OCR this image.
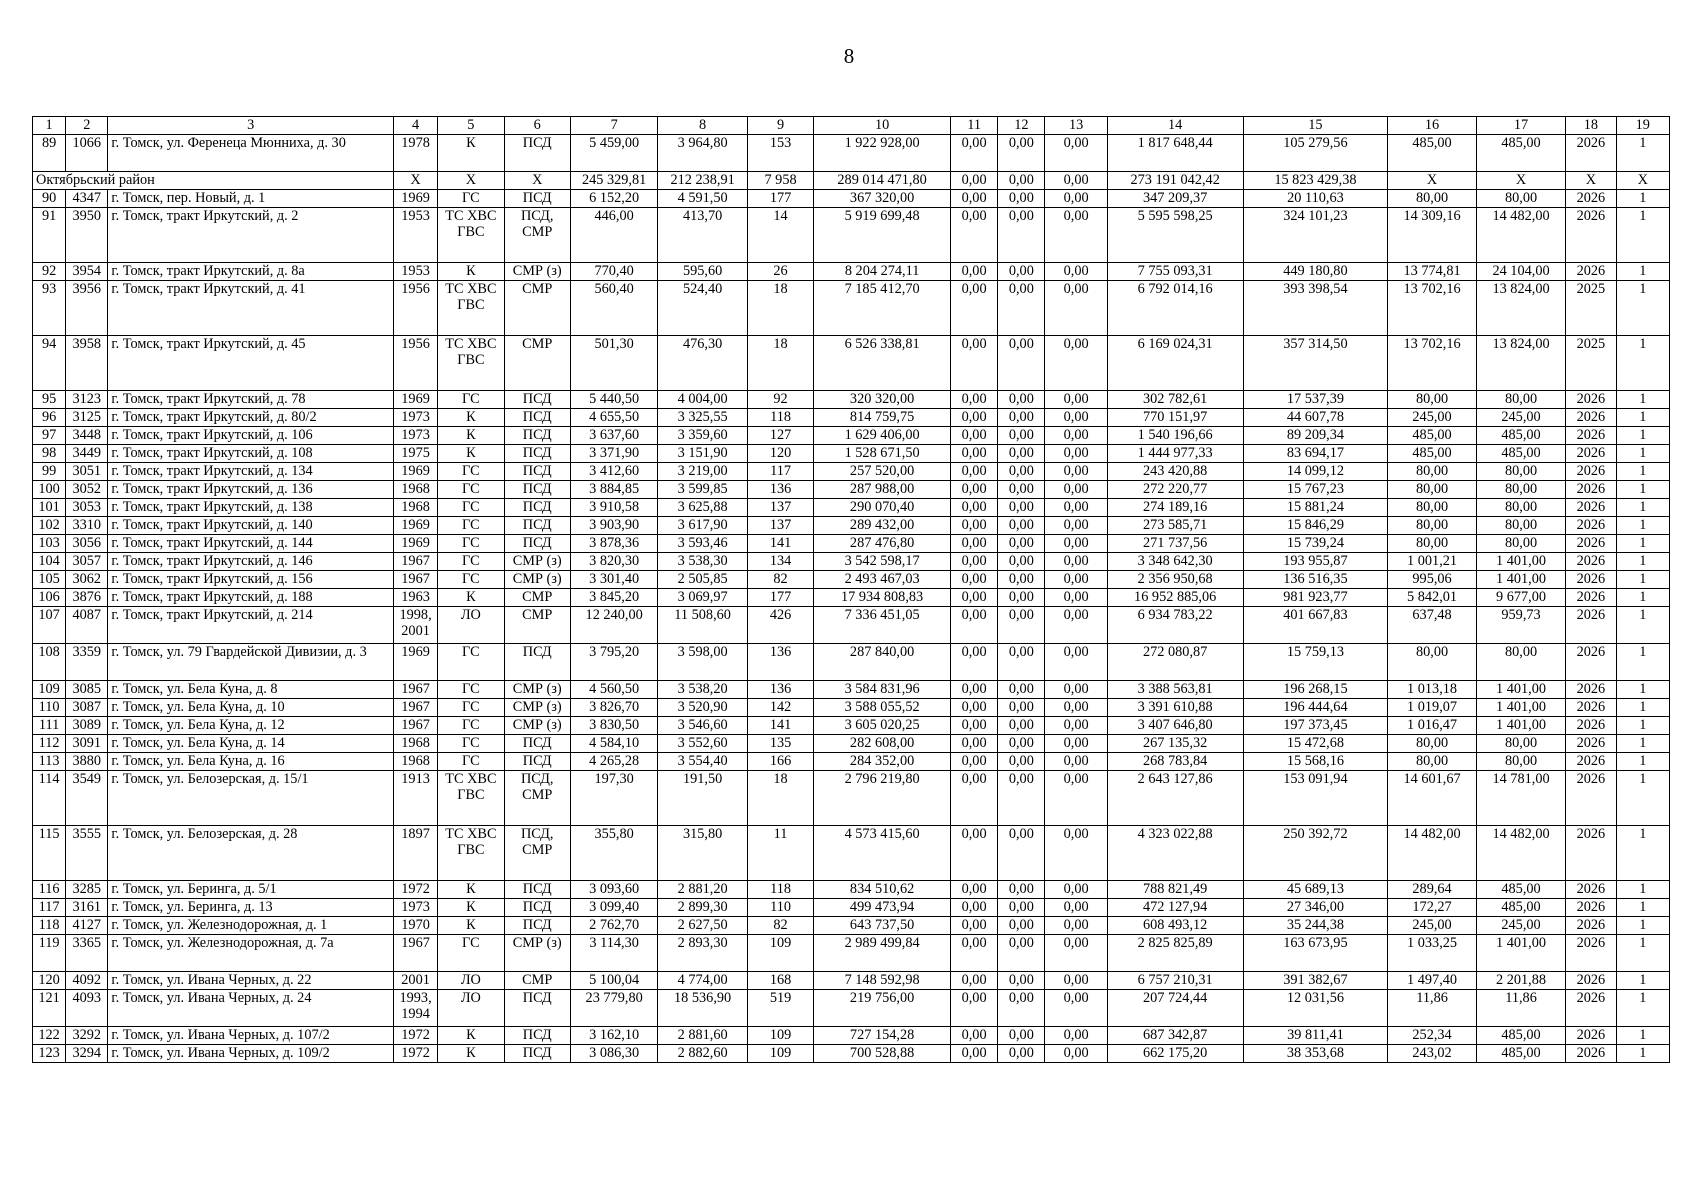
8
1	2	3	4	5	6	7	8	9	10	11	12	13	14	15	16	17	18	19
89	1066	г. Томск, ул. Ференеца Мюнниха, д. 30	1978	К	ПСД	5 459,00	3 964,80	153	1 922 928,00	0,00	0,00	0,00	1 817 648,44	105 279,56	485,00	485,00	2026	1
Октябрьский район			X	X	X	245 329,81	212 238,91	7 958	289 014 471,80	0,00	0,00	0,00	273 191 042,42	15 823 429,38	X	X	X	X
90	4347	г. Томск, пер. Новый, д. 1	1969	ГС	ПСД	6 152,20	4 591,50	177	367 320,00	0,00	0,00	0,00	347 209,37	20 110,63	80,00	80,00	2026	1
91	3950	г. Томск, тракт Иркутский, д. 2	1953	ТС ХВС ГВС	ПСД, СМР	446,00	413,70	14	5 919 699,48	0,00	0,00	0,00	5 595 598,25	324 101,23	14 309,16	14 482,00	2026	1
92	3954	г. Томск, тракт Иркутский, д. 8а	1953	К	СМР (з)	770,40	595,60	26	8 204 274,11	0,00	0,00	0,00	7 755 093,31	449 180,80	13 774,81	24 104,00	2026	1
93	3956	г. Томск, тракт Иркутский, д. 41	1956	ТС ХВС ГВС	СМР	560,40	524,40	18	7 185 412,70	0,00	0,00	0,00	6 792 014,16	393 398,54	13 702,16	13 824,00	2025	1
94	3958	г. Томск, тракт Иркутский, д. 45	1956	ТС ХВС ГВС	СМР	501,30	476,30	18	6 526 338,81	0,00	0,00	0,00	6 169 024,31	357 314,50	13 702,16	13 824,00	2025	1
95	3123	г. Томск, тракт Иркутский, д. 78	1969	ГС	ПСД	5 440,50	4 004,00	92	320 320,00	0,00	0,00	0,00	302 782,61	17 537,39	80,00	80,00	2026	1
96	3125	г. Томск, тракт Иркутский, д. 80/2	1973	К	ПСД	4 655,50	3 325,55	118	814 759,75	0,00	0,00	0,00	770 151,97	44 607,78	245,00	245,00	2026	1
97	3448	г. Томск, тракт Иркутский, д. 106	1973	К	ПСД	3 637,60	3 359,60	127	1 629 406,00	0,00	0,00	0,00	1 540 196,66	89 209,34	485,00	485,00	2026	1
98	3449	г. Томск, тракт Иркутский, д. 108	1975	К	ПСД	3 371,90	3 151,90	120	1 528 671,50	0,00	0,00	0,00	1 444 977,33	83 694,17	485,00	485,00	2026	1
99	3051	г. Томск, тракт Иркутский, д. 134	1969	ГС	ПСД	3 412,60	3 219,00	117	257 520,00	0,00	0,00	0,00	243 420,88	14 099,12	80,00	80,00	2026	1
100	3052	г. Томск, тракт Иркутский, д. 136	1968	ГС	ПСД	3 884,85	3 599,85	136	287 988,00	0,00	0,00	0,00	272 220,77	15 767,23	80,00	80,00	2026	1
101	3053	г. Томск, тракт Иркутский, д. 138	1968	ГС	ПСД	3 910,58	3 625,88	137	290 070,40	0,00	0,00	0,00	274 189,16	15 881,24	80,00	80,00	2026	1
102	3310	г. Томск, тракт Иркутский, д. 140	1969	ГС	ПСД	3 903,90	3 617,90	137	289 432,00	0,00	0,00	0,00	273 585,71	15 846,29	80,00	80,00	2026	1
103	3056	г. Томск, тракт Иркутский, д. 144	1969	ГС	ПСД	3 878,36	3 593,46	141	287 476,80	0,00	0,00	0,00	271 737,56	15 739,24	80,00	80,00	2026	1
104	3057	г. Томск, тракт Иркутский, д. 146	1967	ГС	СМР (з)	3 820,30	3 538,30	134	3 542 598,17	0,00	0,00	0,00	3 348 642,30	193 955,87	1 001,21	1 401,00	2026	1
105	3062	г. Томск, тракт Иркутский, д. 156	1967	ГС	СМР (з)	3 301,40	2 505,85	82	2 493 467,03	0,00	0,00	0,00	2 356 950,68	136 516,35	995,06	1 401,00	2026	1
106	3876	г. Томск, тракт Иркутский, д. 188	1963	К	СМР	3 845,20	3 069,97	177	17 934 808,83	0,00	0,00	0,00	16 952 885,06	981 923,77	5 842,01	9 677,00	2026	1
107	4087	г. Томск, тракт Иркутский, д. 214	1998, 2001	ЛО	СМР	12 240,00	11 508,60	426	7 336 451,05	0,00	0,00	0,00	6 934 783,22	401 667,83	637,48	959,73	2026	1
108	3359	г. Томск, ул. 79 Гвардейской Дивизии, д. 3	1969	ГС	ПСД	3 795,20	3 598,00	136	287 840,00	0,00	0,00	0,00	272 080,87	15 759,13	80,00	80,00	2026	1
109	3085	г. Томск, ул. Бела Куна, д. 8	1967	ГС	СМР (з)	4 560,50	3 538,20	136	3 584 831,96	0,00	0,00	0,00	3 388 563,81	196 268,15	1 013,18	1 401,00	2026	1
110	3087	г. Томск, ул. Бела Куна, д. 10	1967	ГС	СМР (з)	3 826,70	3 520,90	142	3 588 055,52	0,00	0,00	0,00	3 391 610,88	196 444,64	1 019,07	1 401,00	2026	1
111	3089	г. Томск, ул. Бела Куна, д. 12	1967	ГС	СМР (з)	3 830,50	3 546,60	141	3 605 020,25	0,00	0,00	0,00	3 407 646,80	197 373,45	1 016,47	1 401,00	2026	1
112	3091	г. Томск, ул. Бела Куна, д. 14	1968	ГС	ПСД	4 584,10	3 552,60	135	282 608,00	0,00	0,00	0,00	267 135,32	15 472,68	80,00	80,00	2026	1
113	3880	г. Томск, ул. Бела Куна, д. 16	1968	ГС	ПСД	4 265,28	3 554,40	166	284 352,00	0,00	0,00	0,00	268 783,84	15 568,16	80,00	80,00	2026	1
114	3549	г. Томск, ул. Белозерская, д. 15/1	1913	ТС ХВС ГВС	ПСД, СМР	197,30	191,50	18	2 796 219,80	0,00	0,00	0,00	2 643 127,86	153 091,94	14 601,67	14 781,00	2026	1
115	3555	г. Томск, ул. Белозерская, д. 28	1897	ТС ХВС ГВС	ПСД, СМР	355,80	315,80	11	4 573 415,60	0,00	0,00	0,00	4 323 022,88	250 392,72	14 482,00	14 482,00	2026	1
116	3285	г. Томск, ул. Беринга, д. 5/1	1972	К	ПСД	3 093,60	2 881,20	118	834 510,62	0,00	0,00	0,00	788 821,49	45 689,13	289,64	485,00	2026	1
117	3161	г. Томск, ул. Беринга, д. 13	1973	К	ПСД	3 099,40	2 899,30	110	499 473,94	0,00	0,00	0,00	472 127,94	27 346,00	172,27	485,00	2026	1
118	4127	г. Томск, ул. Железнодорожная, д. 1	1970	К	ПСД	2 762,70	2 627,50	82	643 737,50	0,00	0,00	0,00	608 493,12	35 244,38	245,00	245,00	2026	1
119	3365	г. Томск, ул. Железнодорожная, д. 7а	1967	ГС	СМР (з)	3 114,30	2 893,30	109	2 989 499,84	0,00	0,00	0,00	2 825 825,89	163 673,95	1 033,25	1 401,00	2026	1
120	4092	г. Томск, ул. Ивана Черных, д. 22	2001	ЛО	СМР	5 100,04	4 774,00	168	7 148 592,98	0,00	0,00	0,00	6 757 210,31	391 382,67	1 497,40	2 201,88	2026	1
121	4093	г. Томск, ул. Ивана Черных, д. 24	1993, 1994	ЛО	ПСД	23 779,80	18 536,90	519	219 756,00	0,00	0,00	0,00	207 724,44	12 031,56	11,86	11,86	2026	1
122	3292	г. Томск, ул. Ивана Черных, д. 107/2	1972	К	ПСД	3 162,10	2 881,60	109	727 154,28	0,00	0,00	0,00	687 342,87	39 811,41	252,34	485,00	2026	1
123	3294	г. Томск, ул. Ивана Черных, д. 109/2	1972	К	ПСД	3 086,30	2 882,60	109	700 528,88	0,00	0,00	0,00	662 175,20	38 353,68	243,02	485,00	2026	1
